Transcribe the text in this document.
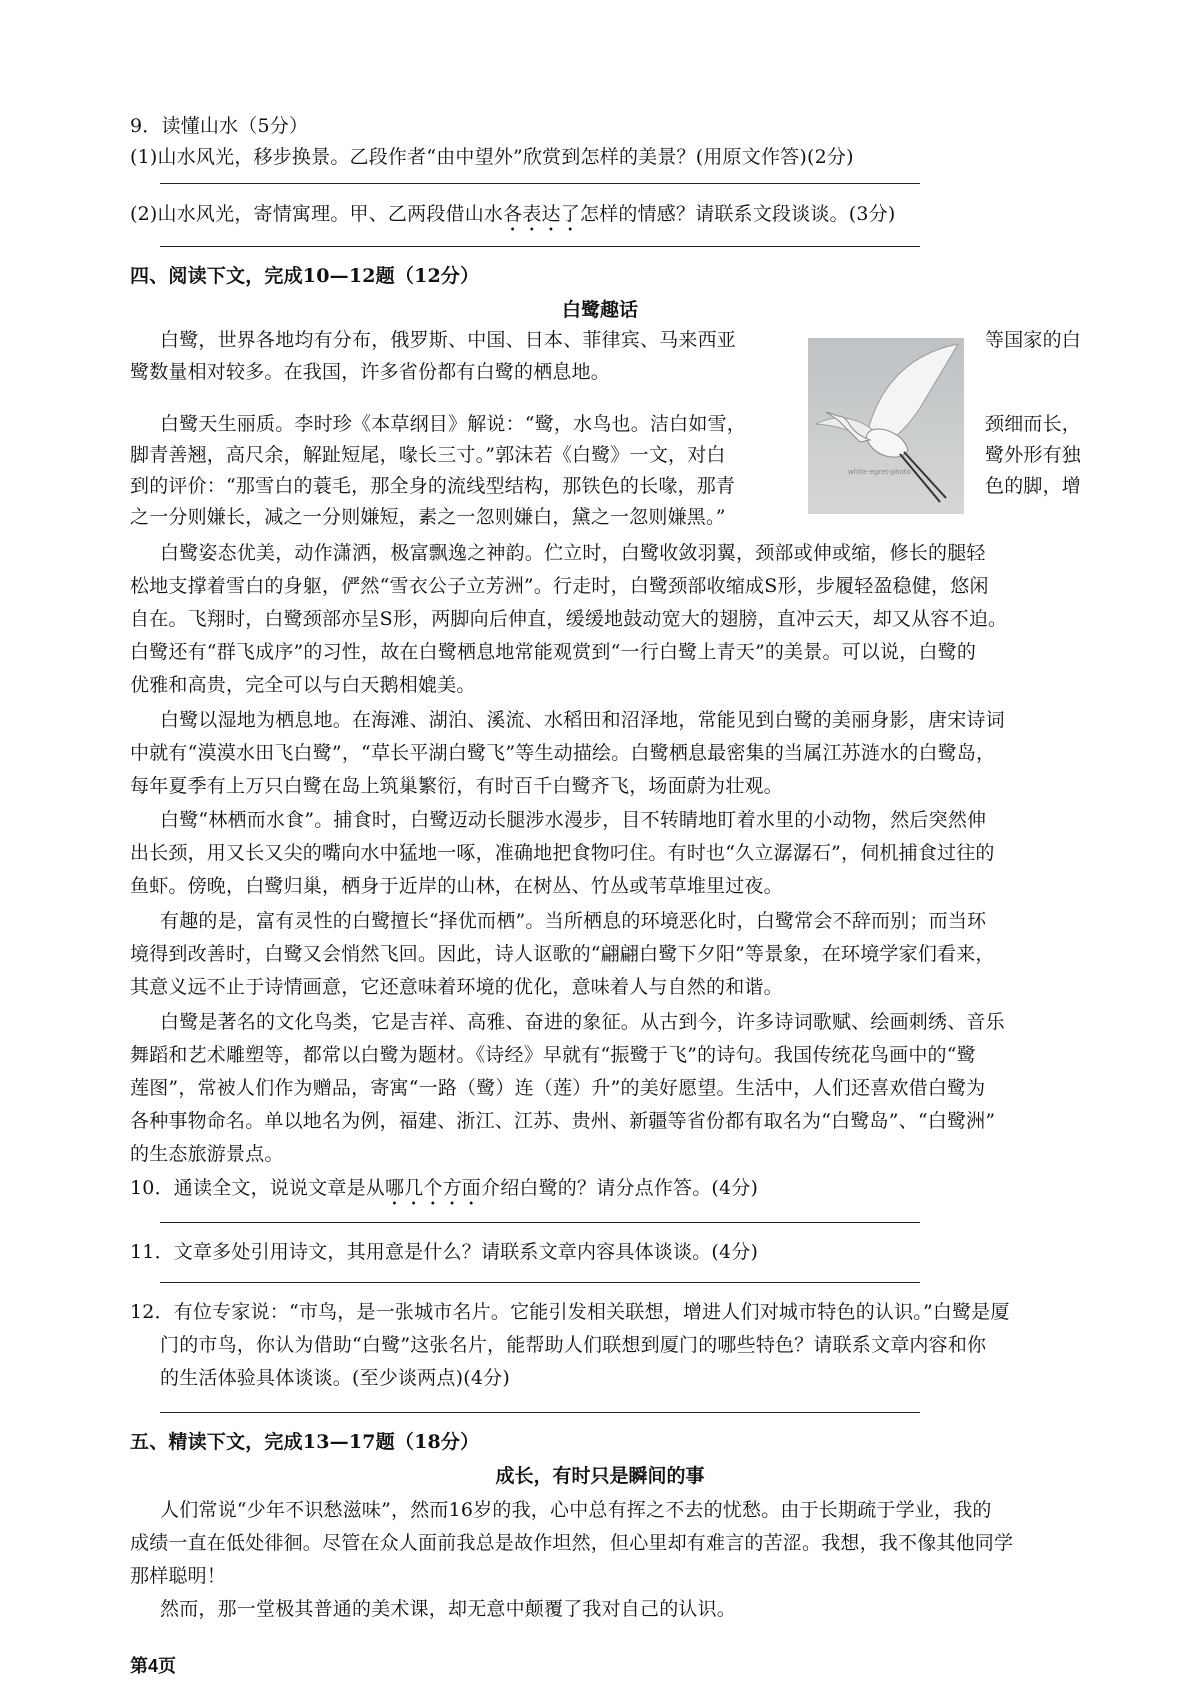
9．读懂山水（5分）
(1)山水风光，移步换景。乙段作者“由中望外”欣赏到怎样的美景？(用原文作答)(2分)
(2)山水风光，寄情寓理。甲、乙两段借山水各表达了怎样的情感？请联系文段谈谈。(3分)
四、阅读下文，完成10—12题（12分）
白鹭趣话
white-egret-photo
白鹭，世界各地均有分布，俄罗斯、中国、日本、菲律宾、马来西亚	等国家的白
鹭数量相对较多。在我国，许多省份都有白鹭的栖息地。
白鹭天生丽质。李时珍《本草纲目》解说：“鹭，水鸟也。洁白如雪，	颈细而长，
脚青善翘，高尺余，解趾短尾，喙长三寸。”郭沫若《白鹭》一文，对白	鹭外形有独
到的评价：“那雪白的蓑毛，那全身的流线型结构，那铁色的长喙，那青	色的脚，增
之一分则嫌长，减之一分则嫌短，素之一忽则嫌白，黛之一忽则嫌黑。”
白鹭姿态优美，动作潇洒，极富飘逸之神韵。伫立时，白鹭收敛羽翼，颈部或伸或缩，修长的腿轻
松地支撑着雪白的身躯，俨然“雪衣公子立芳洲”。行走时，白鹭颈部收缩成S形，步履轻盈稳健，悠闲
自在。飞翔时，白鹭颈部亦呈S形，两脚向后伸直，缓缓地鼓动宽大的翅膀，直冲云天，却又从容不迫。
白鹭还有“群飞成序”的习性，故在白鹭栖息地常能观赏到“一行白鹭上青天”的美景。可以说，白鹭的
优雅和高贵，完全可以与白天鹅相媲美。
白鹭以湿地为栖息地。在海滩、湖泊、溪流、水稻田和沼泽地，常能见到白鹭的美丽身影，唐宋诗词
中就有“漠漠水田飞白鹭”，“草长平湖白鹭飞”等生动描绘。白鹭栖息最密集的当属江苏涟水的白鹭岛，
每年夏季有上万只白鹭在岛上筑巢繁衍，有时百千白鹭齐飞，场面蔚为壮观。
白鹭“林栖而水食”。捕食时，白鹭迈动长腿涉水漫步，目不转睛地盯着水里的小动物，然后突然伸
出长颈，用又长又尖的嘴向水中猛地一啄，准确地把食物叼住。有时也“久立潺潺石”，伺机捕食过往的
鱼虾。傍晚，白鹭归巢，栖身于近岸的山林，在树丛、竹丛或苇草堆里过夜。
有趣的是，富有灵性的白鹭擅长“择优而栖”。当所栖息的环境恶化时，白鹭常会不辞而别；而当环
境得到改善时，白鹭又会悄然飞回。因此，诗人讴歌的“翩翩白鹭下夕阳”等景象，在环境学家们看来，
其意义远不止于诗情画意，它还意味着环境的优化，意味着人与自然的和谐。
白鹭是著名的文化鸟类，它是吉祥、高雅、奋进的象征。从古到今，许多诗词歌赋、绘画刺绣、音乐
舞蹈和艺术雕塑等，都常以白鹭为题材。《诗经》早就有“振鹭于飞”的诗句。我国传统花鸟画中的“鹭
莲图”，常被人们作为赠品，寄寓“一路（鹭）连（莲）升”的美好愿望。生活中，人们还喜欢借白鹭为
各种事物命名。单以地名为例，福建、浙江、江苏、贵州、新疆等省份都有取名为“白鹭岛”、“白鹭洲”
的生态旅游景点。
10．通读全文，说说文章是从哪几个方面介绍白鹭的？请分点作答。(4分)
11．文章多处引用诗文，其用意是什么？请联系文章内容具体谈谈。(4分)
12．有位专家说：“市鸟，是一张城市名片。它能引发相关联想，增进人们对城市特色的认识。”白鹭是厦
门的市鸟，你认为借助“白鹭”这张名片，能帮助人们联想到厦门的哪些特色？请联系文章内容和你
的生活体验具体谈谈。(至少谈两点)(4分)
五、精读下文，完成13—17题（18分）
成长，有时只是瞬间的事
人们常说“少年不识愁滋味”，然而16岁的我，心中总有挥之不去的忧愁。由于长期疏于学业，我的
成绩一直在低处徘徊。尽管在众人面前我总是故作坦然，但心里却有难言的苦涩。我想，我不像其他同学
那样聪明！
然而，那一堂极其普通的美术课，却无意中颠覆了我对自己的认识。
第4页
